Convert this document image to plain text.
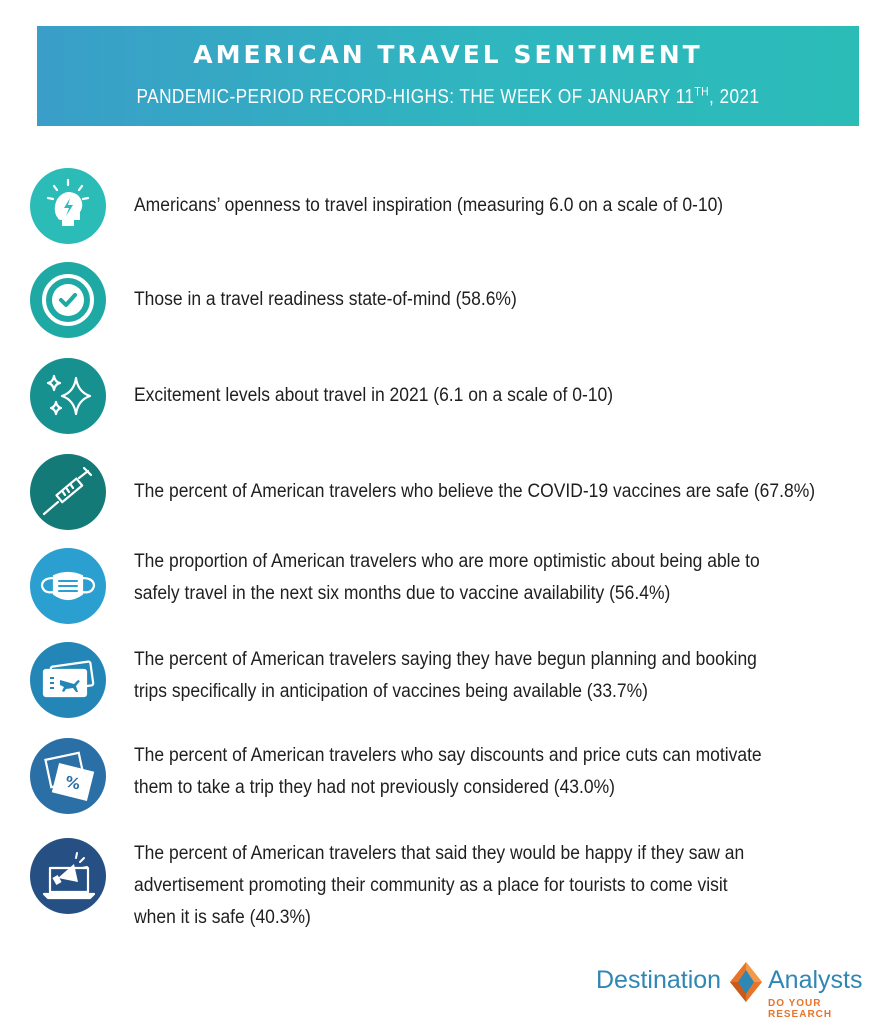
AMERICAN TRAVEL SENTIMENT
PANDEMIC-PERIOD RECORD-HIGHS: THE WEEK OF JANUARY 11TH, 2021
Americans’ openness to travel inspiration (measuring 6.0 on a scale of 0-10)
Those in a travel readiness state-of-mind (58.6%)
Excitement levels about travel in 2021 (6.1 on a scale of 0-10)
The percent of American travelers who believe the COVID-19 vaccines are safe (67.8%)
The proportion of American travelers who are more optimistic about being able to
safely travel in the next six months due to vaccine availability (56.4%)
The percent of American travelers saying they have begun planning and booking
trips specifically in anticipation of vaccines being available (33.7%)
%
The percent of American travelers who say discounts and price cuts can motivate
them to take a trip they had not previously considered (43.0%)
The percent of American travelers that said they would be happy if they saw an
advertisement promoting their community as a place for tourists to come visit
when it is safe (40.3%)
Destination Analysts
DO YOUR RESEARCH
